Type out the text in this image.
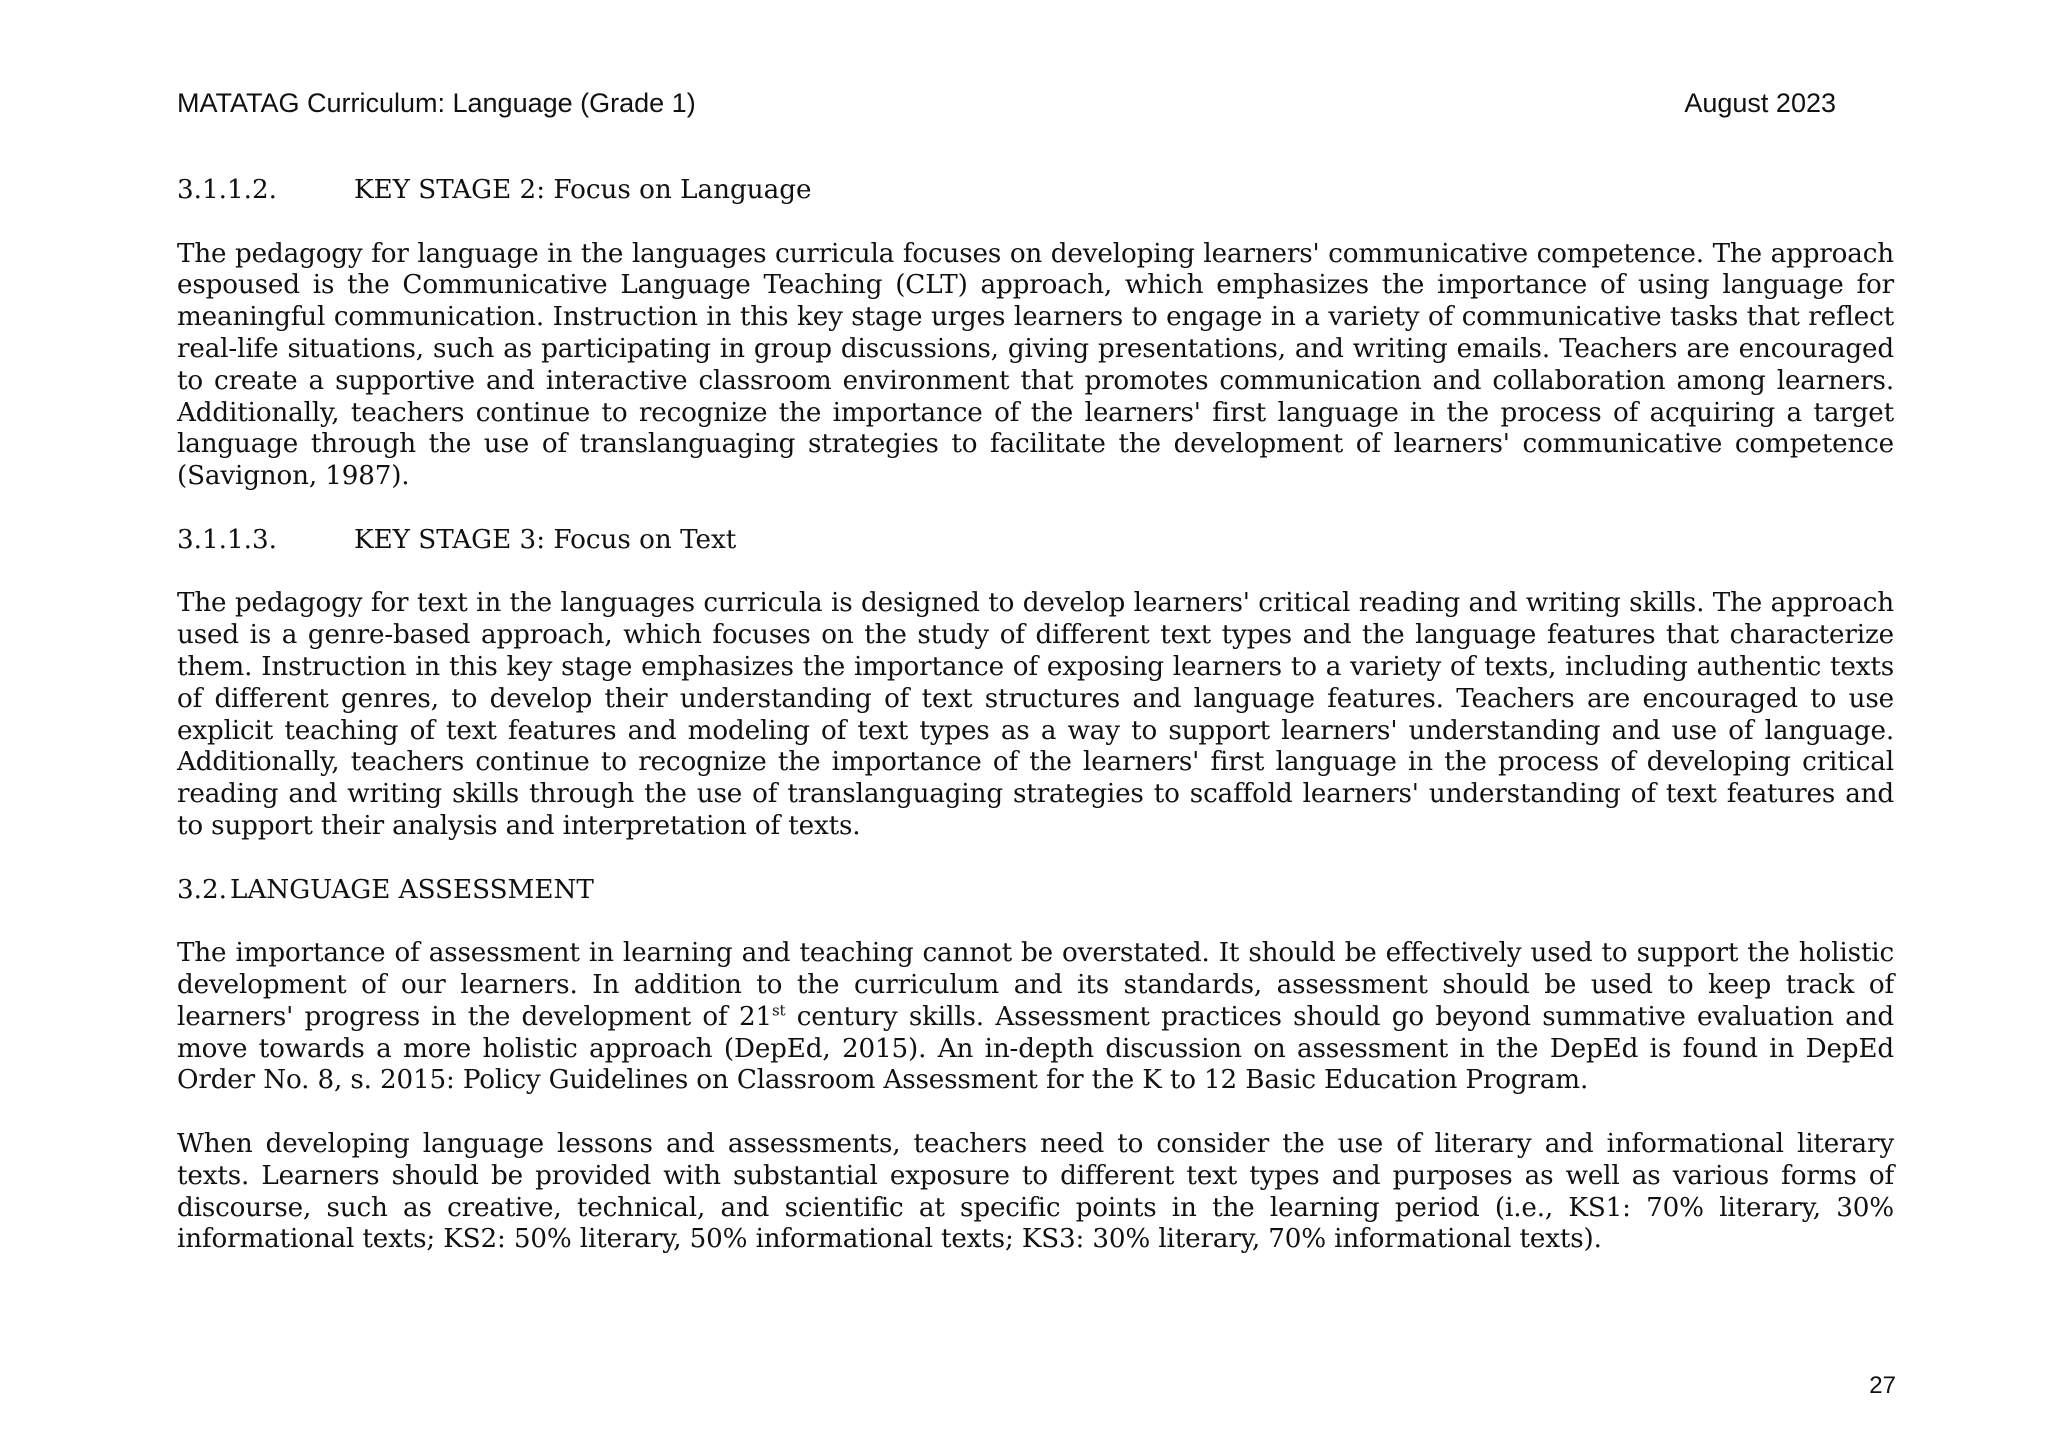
MATATAG Curriculum: Language (Grade 1)	August 2023

3.1.1.2.	KEY STAGE 2: Focus on Language

The pedagogy for language in the languages curricula focuses on developing learners' communicative competence. The approach espoused is the Communicative Language Teaching (CLT) approach, which emphasizes the importance of using language for meaningful communication. Instruction in this key stage urges learners to engage in a variety of communicative tasks that reflect real-life situations, such as participating in group discussions, giving presentations, and writing emails. Teachers are encouraged to create a supportive and interactive classroom environment that promotes communication and collaboration among learners. Additionally, teachers continue to recognize the importance of the learners' first language in the process of acquiring a target language through the use of translanguaging strategies to facilitate the development of learners' communicative competence (Savignon, 1987).

3.1.1.3.	KEY STAGE 3: Focus on Text

The pedagogy for text in the languages curricula is designed to develop learners' critical reading and writing skills. The approach used is a genre-based approach, which focuses on the study of different text types and the language features that characterize them. Instruction in this key stage emphasizes the importance of exposing learners to a variety of texts, including authentic texts of different genres, to develop their understanding of text structures and language features. Teachers are encouraged to use explicit teaching of text features and modeling of text types as a way to support learners' understanding and use of language. Additionally, teachers continue to recognize the importance of the learners' first language in the process of developing critical reading and writing skills through the use of translanguaging strategies to scaffold learners' understanding of text features and to support their analysis and interpretation of texts.

3.2. LANGUAGE ASSESSMENT

The importance of assessment in learning and teaching cannot be overstated. It should be effectively used to support the holistic development of our learners. In addition to the curriculum and its standards, assessment should be used to keep track of learners' progress in the development of 21st century skills. Assessment practices should go beyond summative evaluation and move towards a more holistic approach (DepEd, 2015). An in-depth discussion on assessment in the DepEd is found in DepEd Order No. 8, s. 2015: Policy Guidelines on Classroom Assessment for the K to 12 Basic Education Program.

When developing language lessons and assessments, teachers need to consider the use of literary and informational literary texts. Learners should be provided with substantial exposure to different text types and purposes as well as various forms of discourse, such as creative, technical, and scientific at specific points in the learning period (i.e., KS1: 70% literary, 30% informational texts; KS2: 50% literary, 50% informational texts; KS3: 30% literary, 70% informational texts).

27
